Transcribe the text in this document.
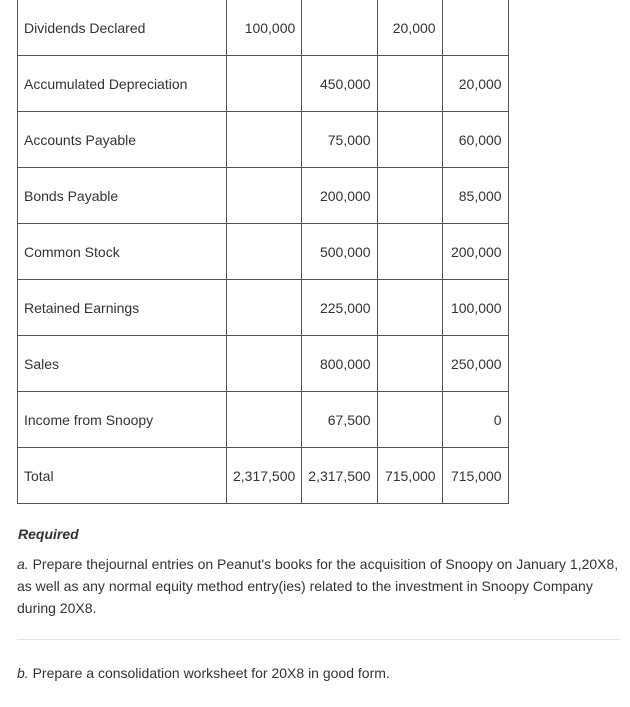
Dividends Declared	100,000		20,000	
Accumulated Depreciation		450,000		20,000
Accounts Payable		75,000		60,000
Bonds Payable		200,000		85,000
Common Stock		500,000		200,000
Retained Earnings		225,000		100,000
Sales		800,000		250,000
Income from Snoopy		67,500		0
Total	2,317,500	2,317,500	715,000	715,000
Required
a. Prepare thejournal entries on Peanut's books for the acquisition of Snoopy on January 1,20X8, as well as any normal equity method entry(ies) related to the investment in Snoopy Company during 20X8.
b. Prepare a consolidation worksheet for 20X8 in good form.
